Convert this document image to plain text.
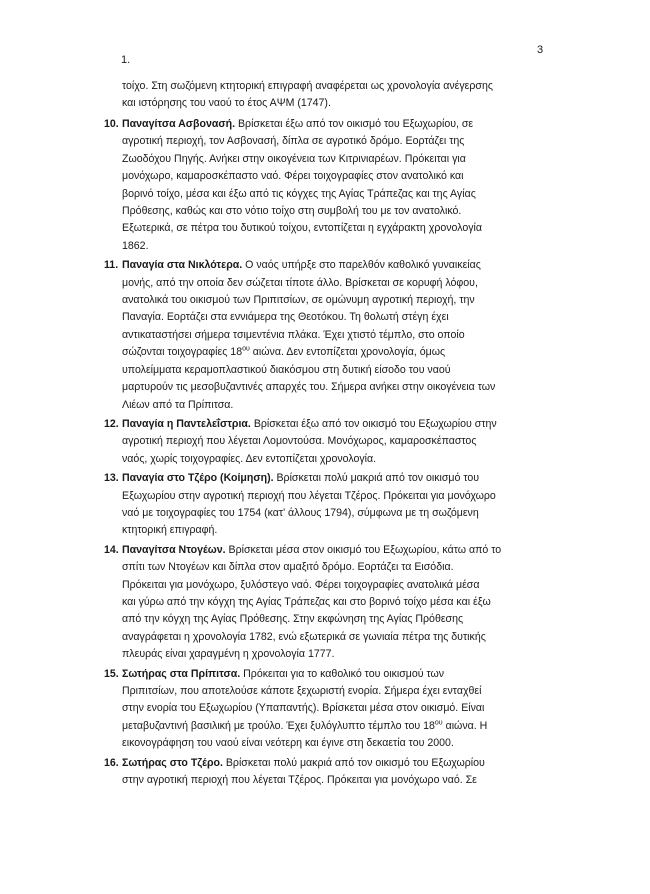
1.
3
τοίχο. Στη σωζόμενη κτητορική επιγραφή αναφέρεται ως χρονολογία ανέγερσης
και ιστόρησης του ναού το έτος ΑΨΜ (1747).
10. Παναγίτσα Ασβονασή. Βρίσκεται έξω από τον οικισμό του Εξωχωρίου, σε
αγροτική περιοχή, τον Ασβονασή, δίπλα σε αγροτικό δρόμο. Εορτάζει της
Ζωοδόχου Πηγής. Ανήκει στην οικογένεια των Κιτρινιαρέων. Πρόκειται για
μονόχωρο, καμαροσκέπαστο ναό. Φέρει τοιχογραφίες στον ανατολικό και
βορινό τοίχο, μέσα και έξω από τις κόγχες της Αγίας Τράπεζας και της Αγίας
Πρόθεσης, καθώς και στο νότιο τοίχο στη συμβολή του με τον ανατολικό.
Εξωτερικά, σε πέτρα του δυτικού τοίχου, εντοπίζεται η εγχάρακτη χρονολογία
1862.
11. Παναγία στα Νικλότερα. Ο ναός υπήρξε στο παρελθόν καθολικό γυναικείας
μονής, από την οποία δεν σώζεται τίποτε άλλο. Βρίσκεται σε κορυφή λόφου,
ανατολικά του οικισμού των Πριπιτσίων, σε ομώνυμη αγροτική περιοχή, την
Παναγία. Εορτάζει στα εννιάμερα της Θεοτόκου. Τη θολωτή στέγη έχει
αντικαταστήσει σήμερα τσιμεντένια πλάκα. Έχει χτιστό τέμπλο, στο οποίο
σώζονται τοιχογραφίες $18^{o\upsilon}$ αιώνα. Δεν εντοπίζεται χρονολογία, όμως
υπολείμματα κεραμοπλαστικού διακόσμου στη δυτική είσοδο του ναού
μαρτυρούν τις μεσοβυζαντινές απαρχές του. Σήμερα ανήκει στην οικογένεια των
Λιέων από τα Πρίπιτσα.
12. Παναγία η Παντελεΐστρια. Βρίσκεται έξω από τον οικισμό του Εξωχωρίου στην
αγροτική περιοχή που λέγεται Λομοντούσα. Μονόχωρος, καμαροσκέπαστος
ναός, χωρίς τοιχογραφίες. Δεν εντοπίζεται χρονολογία.
13. Παναγία στο Τζέρο (Κοίμηση). Βρίσκεται πολύ μακριά από τον οικισμό του
Εξωχωρίου στην αγροτική περιοχή που λέγεται Τζέρος. Πρόκειται για μονόχωρο
ναό με τοιχογραφίες του 1754 (κατ' άλλους 1794), σύμφωνα με τη σωζόμενη
κτητορική επιγραφή.
14. Παναγίτσα Ντογέων. Βρίσκεται μέσα στον οικισμό του Εξωχωρίου, κάτω από το
σπίτι των Ντογέων και δίπλα στον αμαξιτό δρόμο. Εορτάζει τα Εισόδια.
Πρόκειται για μονόχωρο, ξυλόστεγο ναό. Φέρει τοιχογραφίες ανατολικά μέσα
και γύρω από την κόγχη της Αγίας Τράπεζας και στο βορινό τοίχο μέσα και έξω
από την κόγχη της Αγίας Πρόθεσης. Στην εκφώνηση της Αγίας Πρόθεσης
αναγράφεται η χρονολογία 1782, ενώ εξωτερικά σε γωνιαία πέτρα της δυτικής
πλευράς είναι χαραγμένη η χρονολογία 1777.
15. Σωτήρας στα Πρίπιτσα. Πρόκειται για το καθολικό του οικισμού των
Πριπιτσίων, που αποτελούσε κάποτε ξεχωριστή ενορία. Σήμερα έχει ενταχθεί
στην ενορία του Εξωχωρίου (Υπαπαντής). Βρίσκεται μέσα στον οικισμό. Είναι
μεταβυζαντινή βασιλική με τρούλο. Έχει ξυλόγλυπτο τέμπλο του $18^{o\upsilon}$ αιώνα. Η
εικονογράφηση του ναού είναι νεότερη και έγινε στη δεκαετία του 2000.
16. Σωτήρας στο Τζέρο. Βρίσκεται πολύ μακριά από τον οικισμό του Εξωχωρίου
στην αγροτική περιοχή που λέγεται Τζέρος. Πρόκειται για μονόχωρο ναό. Σε
